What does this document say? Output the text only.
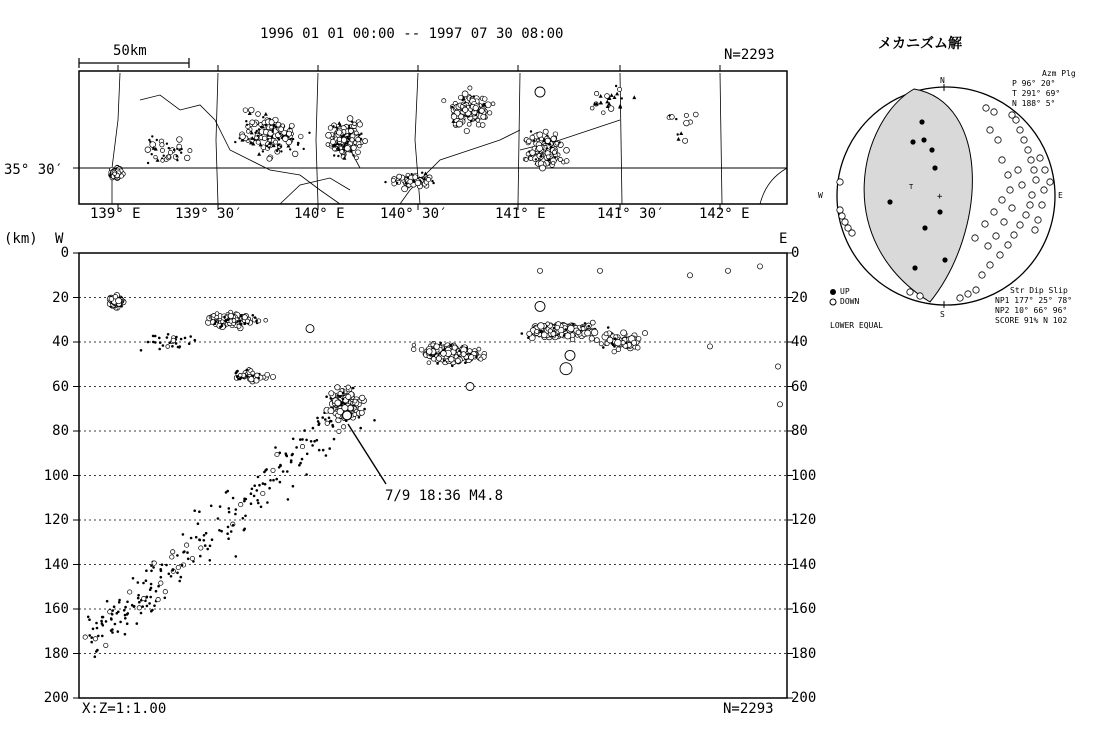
T
+
1996 01 01 00:00 -- 1997 07 30 08:00
N=2293
50km
35° 30′
139° E 139° 30′	140° E	140° 30′	141° E	141° 30′ 142° E
(km) W	E
0
20
40
60
80
100
120
140
160
180
200
0
20
40
60
80
100
120
140
160
180
200
7/9 18:36 M4.8
X:Z=1:1.00	N=2293
メカニズム解
N
S
W	E
Azm Plg
P 96° 20°
T 291° 69°
N 188° 5°
UP
DOWN
LOWER EQUAL
Str Dip Slip
NP1 177° 25° 78°
NP2 10° 66° 96°
SCORE 91% N 102
